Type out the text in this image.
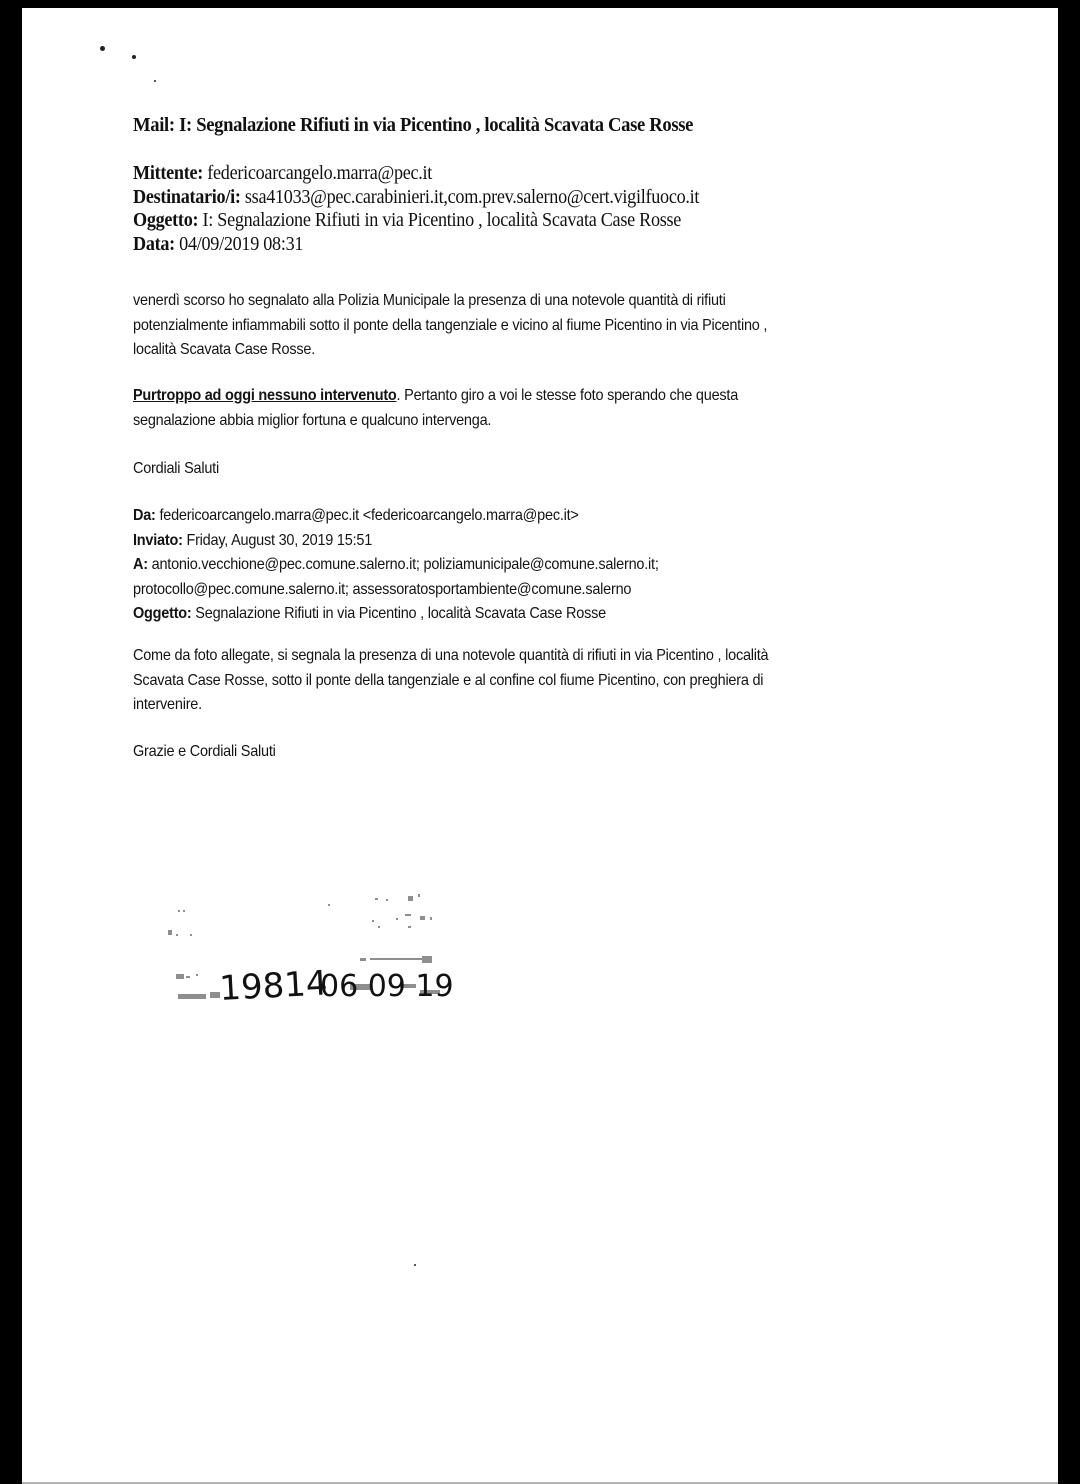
Mail: I: Segnalazione Rifiuti in via Picentino , località Scavata Case Rosse
Mittente: federicoarcangelo.marra@pec.it
Destinatario/i: ssa41033@pec.carabinieri.it,com.prev.salerno@cert.vigilfuoco.it
Oggetto: I: Segnalazione Rifiuti in via Picentino , località Scavata Case Rosse
Data: 04/09/2019 08:31
venerdì scorso ho segnalato alla Polizia Municipale la presenza di una notevole quantità di rifiuti
potenzialmente infiammabili sotto il ponte della tangenziale e vicino al fiume Picentino in via Picentino ,
località Scavata Case Rosse.
Purtroppo ad oggi nessuno intervenuto. Pertanto giro a voi le stesse foto sperando che questa
segnalazione abbia miglior fortuna e qualcuno intervenga.
Cordiali Saluti
Da: federicoarcangelo.marra@pec.it <federicoarcangelo.marra@pec.it>
Inviato: Friday, August 30, 2019 15:51
A: antonio.vecchione@pec.comune.salerno.it; poliziamunicipale@comune.salerno.it;
protocollo@pec.comune.salerno.it; assessoratosportambiente@comune.salerno
Oggetto: Segnalazione Rifiuti in via Picentino , località Scavata Case Rosse
Come da foto allegate, si segnala la presenza di una notevole quantità di rifiuti in via Picentino , località
Scavata Case Rosse, sotto il ponte della tangenziale e al confine col fiume Picentino, con preghiera di
intervenire.
Grazie e Cordiali Saluti
19814
06 09 19
